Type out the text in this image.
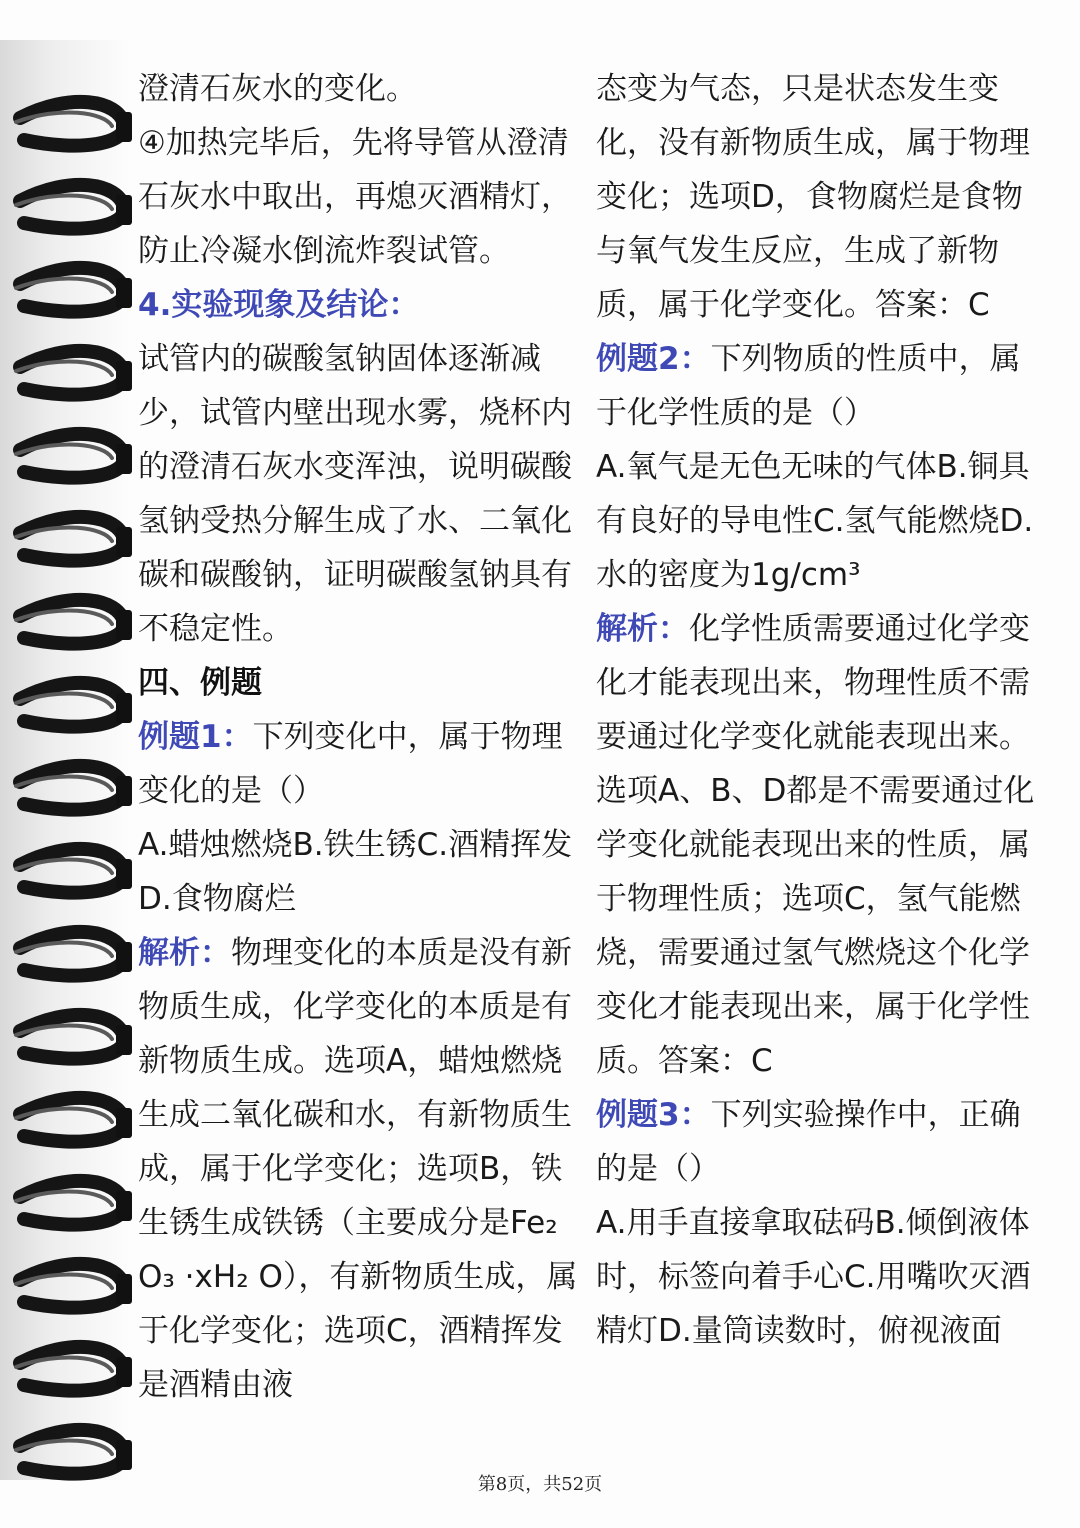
澄清石灰水的变化。

④加热完毕后，先将导管从澄清石灰水中取出，再熄灭酒精灯，防止冷凝水倒流炸裂试管。

4.实验现象及结论：

试管内的碳酸氢钠固体逐渐减少，试管内壁出现水雾，烧杯内的澄清石灰水变浑浊，说明碳酸氢钠受热分解生成了水、二氧化碳和碳酸钠，证明碳酸氢钠具有不稳定性。

四、例题

例题1：下列变化中，属于物理变化的是（）

A.蜡烛燃烧B.铁生锈C.酒精挥发D.食物腐烂

解析：物理变化的本质是没有新物质生成，化学变化的本质是有新物质生成。选项A，蜡烛燃烧生成二氧化碳和水，有新物质生成，属于化学变化；选项B，铁生锈生成铁锈（主要成分是Fe₂ O₃ ·xH₂ O），有新物质生成，属于化学变化；选项C，酒精挥发是酒精由液

态变为气态，只是状态发生变化，没有新物质生成，属于物理变化；选项D，食物腐烂是食物与氧气发生反应，生成了新物质，属于化学变化。答案：C

例题2：下列物质的性质中，属于化学性质的是（）

A.氧气是无色无味的气体B.铜具有良好的导电性C.氢气能燃烧D.水的密度为1g/cm³

解析：化学性质需要通过化学变化才能表现出来，物理性质不需要通过化学变化就能表现出来。选项A、B、D都是不需要通过化学变化就能表现出来的性质，属于物理性质；选项C，氢气能燃烧，需要通过氢气燃烧这个化学变化才能表现出来，属于化学性质。答案：C

例题3：下列实验操作中，正确的是（）

A.用手直接拿取砝码B.倾倒液体时，标签向着手心C.用嘴吹灭酒精灯D.量筒读数时，俯视液面

第8页，共52页
